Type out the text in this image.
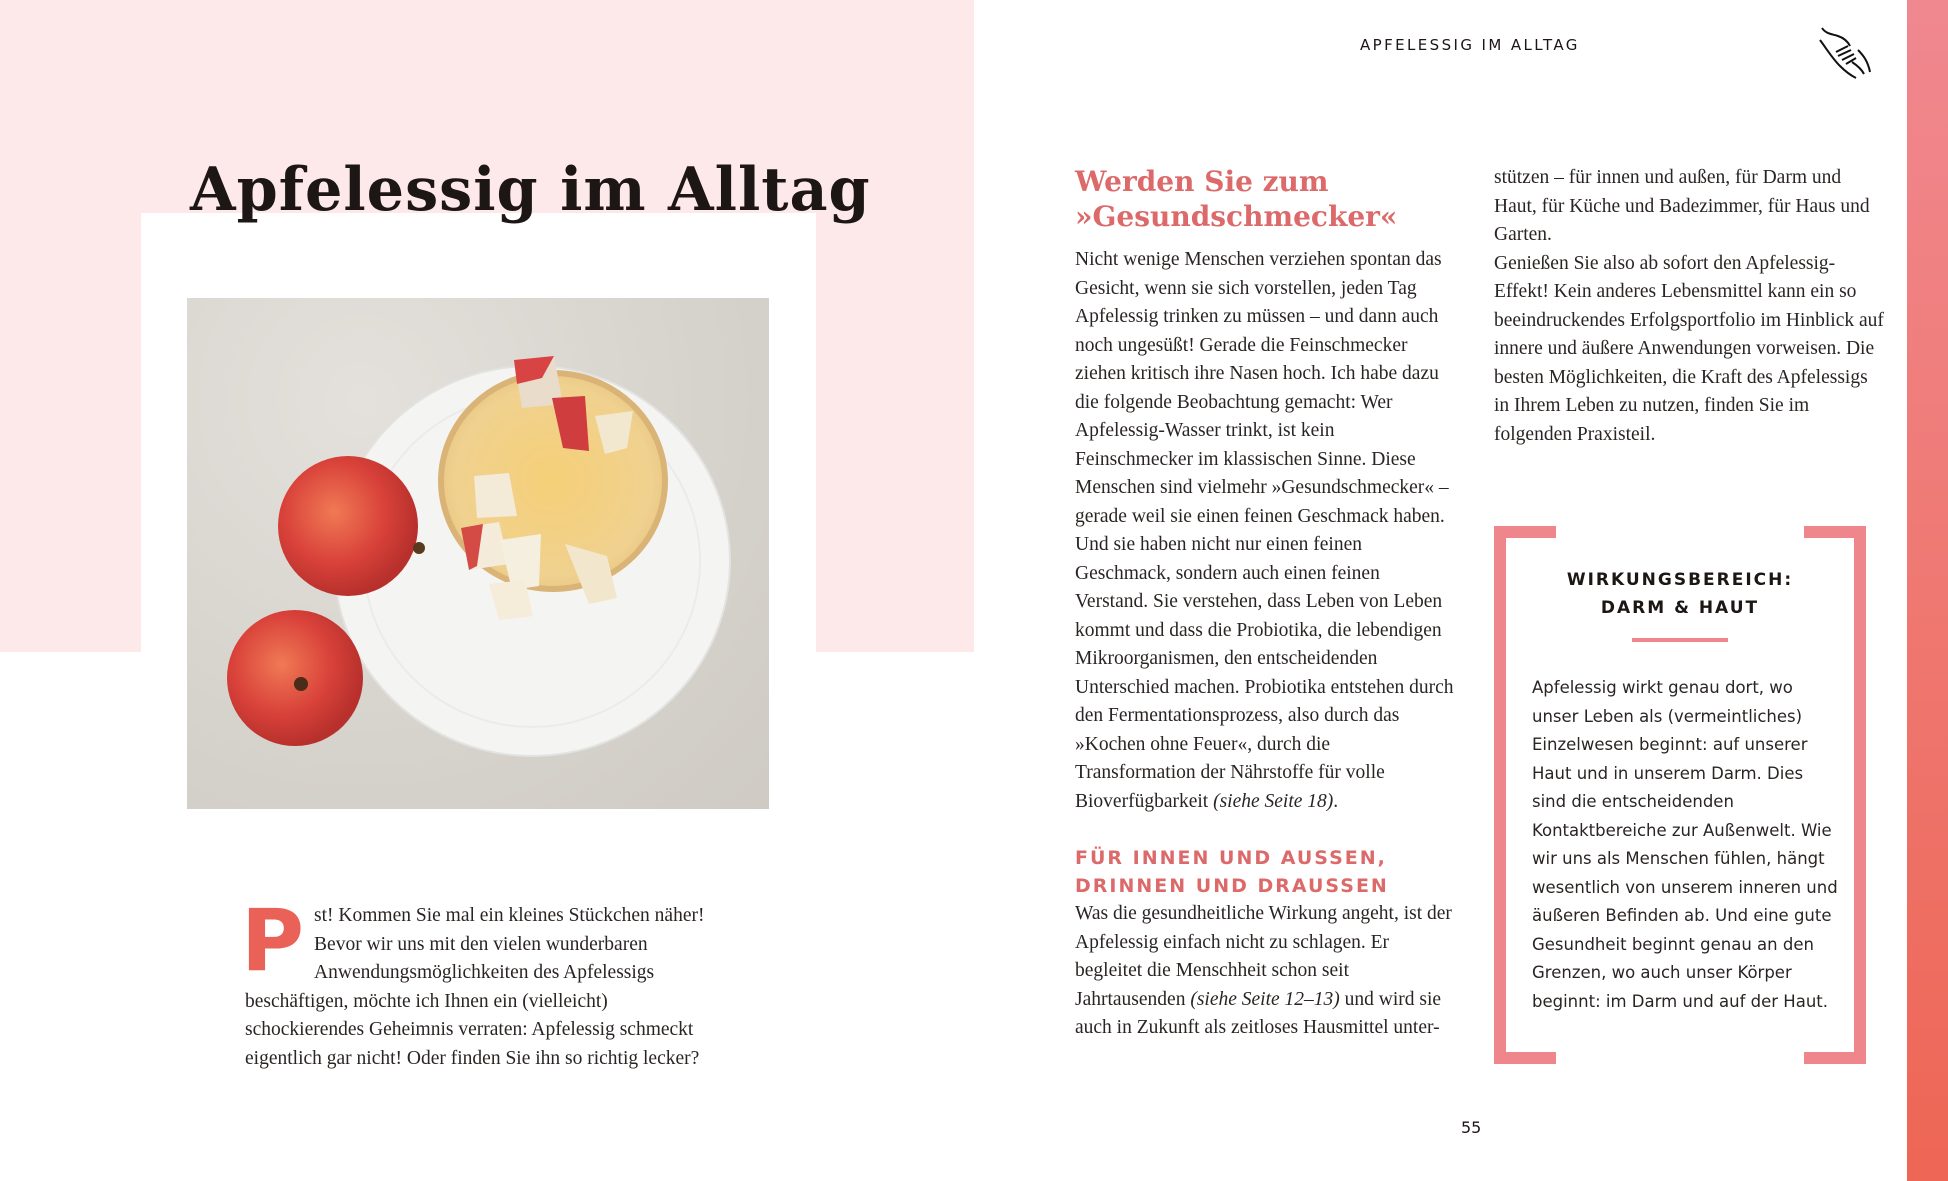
Apfelessig im Alltag
P st! Kommen Sie mal ein kleines Stückchen näher! Bevor wir uns mit den vielen wunderbaren Anwendungsmöglichkeiten des Apfelessigs beschäftigen, möchte ich Ihnen ein (vielleicht) schockierendes Geheimnis verraten: Apfelessig schmeckt eigentlich gar nicht! Oder finden Sie ihn so richtig lecker?
APFELESSIG IM ALLTAG
Werden Sie zum »Gesundschmecker«

Nicht wenige Menschen verziehen spontan das Gesicht, wenn sie sich vorstellen, jeden Tag Apfelessig trinken zu müssen – und dann auch noch ungesüßt! Gerade die Feinschmecker ziehen kritisch ihre Nasen hoch. Ich habe dazu die folgende Beobachtung gemacht: Wer Apfelessig-Wasser trinkt, ist kein Feinschmecker im klassischen Sinne. Diese Menschen sind vielmehr »Gesundschmecker« – gerade weil sie einen feinen Geschmack haben.

Und sie haben nicht nur einen feinen Geschmack, sondern auch einen feinen Verstand. Sie verstehen, dass Leben von Leben kommt und dass die Probiotika, die lebendigen Mikroorganismen, den entscheidenden Unterschied machen. Probiotika entstehen durch den Fermentationsprozess, also durch das »Kochen ohne Feuer«, durch die Transformation der Nährstoffe für volle Bioverfügbarkeit (siehe Seite 18).

FÜR INNEN UND AUSSEN, DRINNEN UND DRAUSSEN

Was die gesundheitliche Wirkung angeht, ist der Apfelessig einfach nicht zu schlagen. Er begleitet die Menschheit schon seit Jahrtausenden (siehe Seite 12–13) und wird sie auch in Zukunft als zeitloses Hausmittel unter-

stützen – für innen und außen, für Darm und Haut, für Küche und Badezimmer, für Haus und Garten.

Genießen Sie also ab sofort den Apfelessig-Effekt! Kein anderes Lebensmittel kann ein so beeindruckendes Erfolgsportfolio im Hinblick auf innere und äußere Anwendungen vorweisen. Die besten Möglichkeiten, die Kraft des Apfelessigs in Ihrem Leben zu nutzen, finden Sie im folgenden Praxisteil.

WIRKUNGSBEREICH:
DARM & HAUT
Apfelessig wirkt genau dort, wo unser Leben als (vermeintliches) Einzelwesen beginnt: auf unserer Haut und in unserem Darm. Dies sind die entscheidenden Kontaktbereiche zur Außenwelt. Wie wir uns als Menschen fühlen, hängt wesentlich von unserem inneren und äußeren Befinden ab. Und eine gute Gesundheit beginnt genau an den Grenzen, wo auch unser Körper beginnt: im Darm und auf der Haut.
55
